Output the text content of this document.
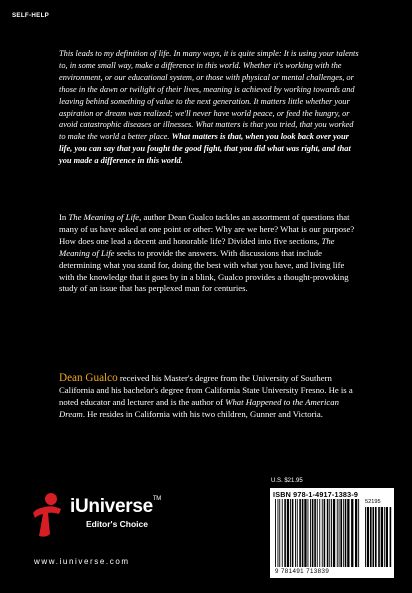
SELF-HELP
This leads to my definition of life. In many ways, it is quite simple: It is using your talents to, in some small way, make a difference in this world. Whether it's working with the environment, or our educational system, or those with physical or mental challenges, or those in the dawn or twilight of their lives, meaning is achieved by working towards and leaving behind something of value to the next generation. It matters little whether your aspiration or dream was realized; we'll never have world peace, or feed the hungry, or avoid catastrophic diseases or illnesses. What matters is that you tried, that you worked to make the world a better place. What matters is that, when you look back over your life, you can say that you fought the good fight, that you did what was right, and that you made a difference in this world.
In The Meaning of Life, author Dean Gualco tackles an assortment of questions that many of us have asked at one point or other: Why are we here? What is our purpose? How does one lead a decent and honorable life? Divided into five sections, The Meaning of Life seeks to provide the answers. With discussions that include determining what you stand for, doing the best with what you have, and living life with the knowledge that it goes by in a blink, Gualco provides a thought-provoking study of an issue that has perplexed man for centuries.
Dean Gualco received his Master's degree from the University of Southern California and his bachelor's degree from California State University Fresno. He is a noted educator and lecturer and is the author of What Happened to the American Dream. He resides in California with his two children, Gunner and Victoria.
iUniverse™
Editor's Choice
www.iuniverse.com
U.S. $21.95
ISBN 978-1-4917-1383-9
52195
9 781491 713839
